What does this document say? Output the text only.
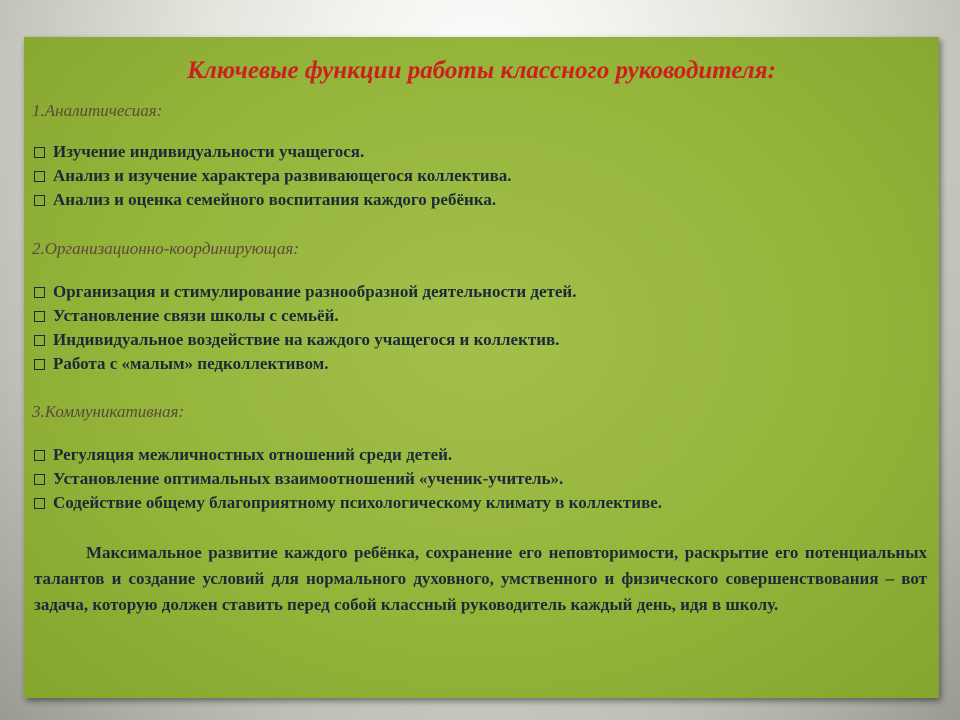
Ключевые функции работы классного руководителя:
1.Аналитичесиая:
Изучение индивидуальности учащегося.
Анализ и изучение характера развивающегося коллектива.
Анализ и оценка семейного воспитания каждого ребёнка.
2.Организационно-координирующая:
Организация и стимулирование разнообразной деятельности детей.
Установление связи школы с семьёй.
Индивидуальное воздействие на каждого учащегося и коллектив.
Работа с «малым» педколлективом.
3.Коммуникативная:
Регуляция межличностных отношений среди детей.
Установление оптимальных взаимоотношений «ученик-учитель».
Содействие общему благоприятному психологическому климату в коллективе.

Максимальное развитие каждого ребёнка, сохранение его неповторимости, раскрытие его потенциальных талантов и создание условий для нормального духовного, умственного и физического совершенствования – вот задача, которую должен ставить перед собой классный руководитель каждый день, идя в школу.
